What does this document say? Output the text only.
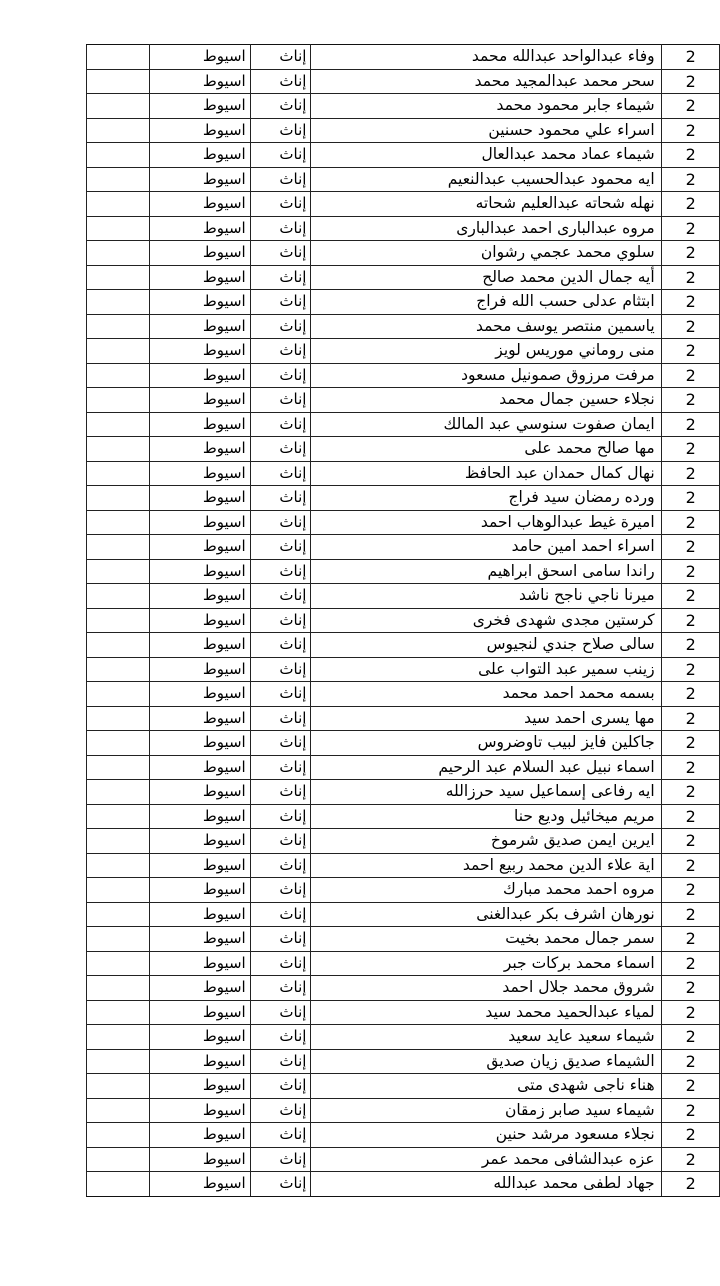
	اسيوط	إناث	وفاء عبدالواحد عبدالله محمد	2
	اسيوط	إناث	سحر محمد عبدالمجيد محمد	2
	اسيوط	إناث	شيماء جابر محمود محمد	2
	اسيوط	إناث	اسراء علي محمود حسنين	2
	اسيوط	إناث	شيماء عماد محمد عبدالعال	2
	اسيوط	إناث	ايه محمود عبدالحسيب عبدالنعيم	2
	اسيوط	إناث	نهله شحاته عبدالعليم شحاته	2
	اسيوط	إناث	مروه عبدالبارى احمد عبدالبارى	2
	اسيوط	إناث	سلوي محمد عجمي رشوان	2
	اسيوط	إناث	أيه جمال الدين محمد صالح	2
	اسيوط	إناث	ابتثام عدلى حسب الله فراج	2
	اسيوط	إناث	ياسمين منتصر يوسف محمد	2
	اسيوط	إناث	منى روماني موريس لويز	2
	اسيوط	إناث	مرفت مرزوق صمونيل مسعود	2
	اسيوط	إناث	نجلاء حسين جمال محمد	2
	اسيوط	إناث	ايمان صفوت سنوسي عبد المالك	2
	اسيوط	إناث	مها صالح محمد على	2
	اسيوط	إناث	نهال كمال حمدان عبد الحافظ	2
	اسيوط	إناث	ورده رمضان سيد فراج	2
	اسيوط	إناث	اميرة غيط عبدالوهاب احمد	2
	اسيوط	إناث	اسراء احمد امين حامد	2
	اسيوط	إناث	راندا سامى اسحق ابراهيم	2
	اسيوط	إناث	ميرنا ناجي ناجح ناشد	2
	اسيوط	إناث	كرستين مجدى شهدى فخرى	2
	اسيوط	إناث	سالى صلاح جندي لنجيوس	2
	اسيوط	إناث	زينب سمير عبد التواب على	2
	اسيوط	إناث	بسمه محمد احمد محمد	2
	اسيوط	إناث	مها يسرى احمد سيد	2
	اسيوط	إناث	جاكلين فايز لبيب تاوضروس	2
	اسيوط	إناث	اسماء نبيل عبد السلام عبد الرحيم	2
	اسيوط	إناث	ايه رفاعى إسماعيل سيد حرزالله	2
	اسيوط	إناث	مريم ميخائيل وديع حنا	2
	اسيوط	إناث	ايرين ايمن صديق شرموخ	2
	اسيوط	إناث	اية علاء الدين محمد ربيع احمد	2
	اسيوط	إناث	مروه احمد محمد مبارك	2
	اسيوط	إناث	نورهان اشرف بكر عبدالغنى	2
	اسيوط	إناث	سمر جمال محمد بخيت	2
	اسيوط	إناث	اسماء محمد بركات جبر	2
	اسيوط	إناث	شروق محمد جلال احمد	2
	اسيوط	إناث	لمياء عبدالحميد محمد سيد	2
	اسيوط	إناث	شيماء سعيد عايد سعيد	2
	اسيوط	إناث	الشيماء صديق زيان صديق	2
	اسيوط	إناث	هناء ناجى شهدى متى	2
	اسيوط	إناث	شيماء سيد صابر زمقان	2
	اسيوط	إناث	نجلاء مسعود مرشد حنين	2
	اسيوط	إناث	عزه عبدالشافى محمد عمر	2
	اسيوط	إناث	جهاد لطفى محمد عبدالله	2
